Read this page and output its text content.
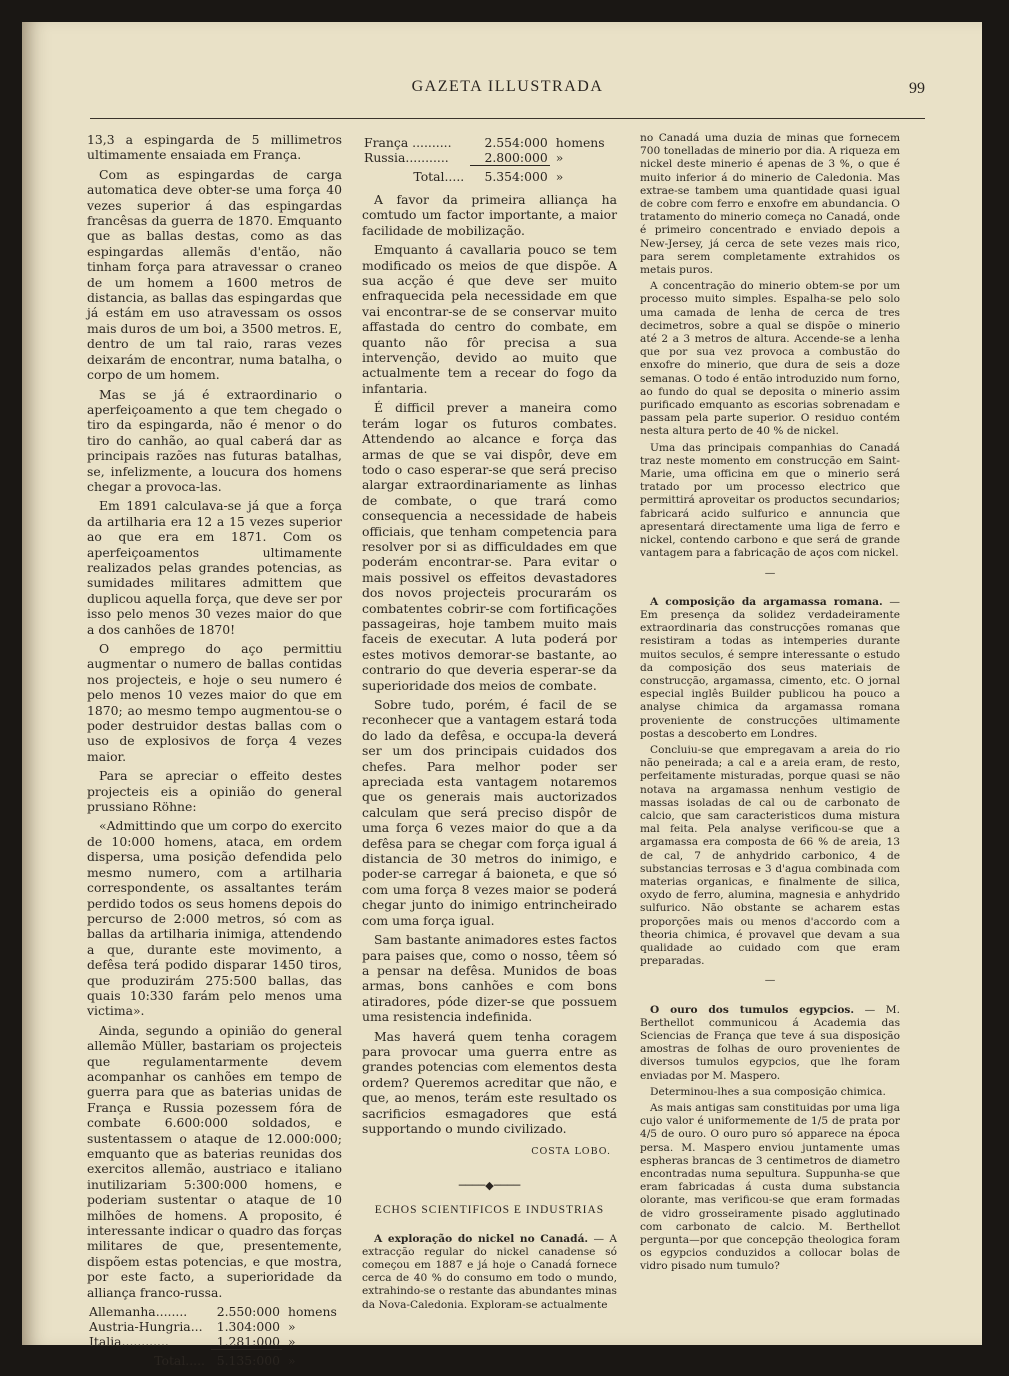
GAZETA ILLUSTRADA	99

13,3 a espingarda de 5 millimetros ultimamente ensaiada em França.

Com as espingardas de carga automatica deve obter-se uma força 40 vezes superior á das espingardas francêsas da guerra de 1870. Emquanto que as ballas destas, como as das espingardas allemãs d'então, não tinham força para atravessar o craneo de um homem a 1600 metros de distancia, as ballas das espingardas que já estám em uso atravessam os ossos mais duros de um boi, a 3500 metros. E, dentro de um tal raio, raras vezes deixarám de encontrar, numa batalha, o corpo de um homem.

Mas se já é extraordinario o aperfeiçoamento a que tem chegado o tiro da espingarda, não é menor o do tiro do canhão, ao qual caberá dar as principais razões nas futuras batalhas, se, infelizmente, a loucura dos homens chegar a provoca-las.

Em 1891 calculava-se já que a força da artilharia era 12 a 15 vezes superior ao que era em 1871. Com os aperfeiçoamentos ultimamente realizados pelas grandes potencias, as sumidades militares admittem que duplicou aquella força, que deve ser por isso pelo menos 30 vezes maior do que a dos canhões de 1870!

O emprego do aço permittiu augmentar o numero de ballas contidas nos projecteis, e hoje o seu numero é pelo menos 10 vezes maior do que em 1870; ao mesmo tempo augmentou-se o poder destruidor destas ballas com o uso de explosivos de força 4 vezes maior.

Para se apreciar o effeito destes projecteis eis a opinião do general prussiano Röhne:

«Admittindo que um corpo do exercito de 10:000 homens, ataca, em ordem dispersa, uma posição defendida pelo mesmo numero, com a artilharia correspondente, os assaltantes terám perdido todos os seus homens depois do percurso de 2:000 metros, só com as ballas da artilharia inimiga, attendendo a que, durante este movimento, a defêsa terá podido disparar 1450 tiros, que produzirám 275:500 ballas, das quais 10:330 farám pelo menos uma victima».

Ainda, segundo a opinião do general allemão Müller, bastariam os projecteis que regulamentarmente devem acompanhar os canhões em tempo de guerra para que as baterias unidas de França e Russia pozessem fóra de combate 6.600:000 soldados, e sustentassem o ataque de 12.000:000; emquanto que as baterias reunidas dos exercitos allemão, austriaco e italiano inutilizariam 5:300:000 homens, e poderiam sustentar o ataque de 10 milhões de homens. A proposito, é interessante indicar o quadro das forças militares de que, presentemente, dispõem estas potencias, e que mostra, por este facto, a superioridade da alliança franco-russa.

Allemanha........	2.550:000	homens
Austria-Hungria...	1.304:000	»
Italia............	1.281:000	»
Total.....	5.135:000	»
França ..........	2.554:000	homens
Russia...........	2.800:000	»
Total.....	5.354:000	»

A favor da primeira alliança ha comtudo um factor importante, a maior facilidade de mobilização.

Emquanto á cavallaria pouco se tem modificado os meios de que dispõe. A sua acção é que deve ser muito enfraquecida pela necessidade em que vai encontrar-se de se conservar muito affastada do centro do combate, em quanto não fôr precisa a sua intervenção, devido ao muito que actualmente tem a recear do fogo da infantaria.

É difficil prever a maneira como terám logar os futuros combates. Attendendo ao alcance e força das armas de que se vai dispôr, deve em todo o caso esperar-se que será preciso alargar extraordinariamente as linhas de combate, o que trará como consequencia a necessidade de habeis officiais, que tenham competencia para resolver por si as difficuldades em que poderám encontrar-se. Para evitar o mais possivel os effeitos devastadores dos novos projecteis procurarám os combatentes cobrir-se com fortificações passageiras, hoje tambem muito mais faceis de executar. A luta poderá por estes motivos demorar-se bastante, ao contrario do que deveria esperar-se da superioridade dos meios de combate.

Sobre tudo, porém, é facil de se reconhecer que a vantagem estará toda do lado da defêsa, e occupa-la deverá ser um dos principais cuidados dos chefes. Para melhor poder ser apreciada esta vantagem notaremos que os generais mais auctorizados calculam que será preciso dispôr de uma força 6 vezes maior do que a da defêsa para se chegar com força igual á distancia de 30 metros do inimigo, e poder-se carregar á baioneta, e que só com uma força 8 vezes maior se poderá chegar junto do inimigo entrincheirado com uma força igual.

Sam bastante animadores estes factos para paises que, como o nosso, têem só a pensar na defêsa. Munidos de boas armas, bons canhões e com bons atiradores, póde dizer-se que possuem uma resistencia indefinida.

Mas haverá quem tenha coragem para provocar uma guerra entre as grandes potencias com elementos desta ordem? Queremos acreditar que não, e que, ao menos, terám este resultado os sacrificios esmagadores que está supportando o mundo civilizado.

COSTA LOBO.
────◆────
ECHOS SCIENTIFICOS E INDUSTRIAS

A exploração do nickel no Canadá. — A extracção regular do nickel canadense só começou em 1887 e já hoje o Canadá fornece cerca de 40 % do consumo em todo o mundo, extrahindo-se o restante das abundantes minas da Nova-Caledonia. Exploram-se actualmente

no Canadá uma duzia de minas que fornecem 700 tonelladas de minerio por dia. A riqueza em nickel deste minerio é apenas de 3 %, o que é muito inferior á do minerio de Caledonia. Mas extrae-se tambem uma quantidade quasi igual de cobre com ferro e enxofre em abundancia. O tratamento do minerio começa no Canadá, onde é primeiro concentrado e enviado depois a New-Jersey, já cerca de sete vezes mais rico, para serem completamente extrahidos os metais puros.

A concentração do minerio obtem-se por um processo muito simples. Espalha-se pelo solo uma camada de lenha de cerca de tres decimetros, sobre a qual se dispõe o minerio até 2 a 3 metros de altura. Accende-se a lenha que por sua vez provoca a combustão do enxofre do minerio, que dura de seis a doze semanas. O todo é então introduzido num forno, ao fundo do qual se deposita o minerio assim purificado emquanto as escorias sobrenadam e passam pela parte superior. O residuo contém nesta altura perto de 40 % de nickel.

Uma das principais companhias do Canadá traz neste momento em construcção em Saint-Marie, uma officina em que o minerio será tratado por um processo electrico que permittirá aproveitar os productos secundarios; fabricará acido sulfurico e annuncia que apresentará directamente uma liga de ferro e nickel, contendo carbono e que será de grande vantagem para a fabricação de aços com nickel.

—

A composição da argamassa romana. — Em presença da solidez verdadeiramente extraordinaria das construcções romanas que resistiram a todas as intemperies durante muitos seculos, é sempre interessante o estudo da composição dos seus materiais de construcção, argamassa, cimento, etc. O jornal especial inglês Builder publicou ha pouco a analyse chimica da argamassa romana proveniente de construcções ultimamente postas a descoberto em Londres.

Concluiu-se que empregavam a areia do rio não peneirada; a cal e a areia eram, de resto, perfeitamente misturadas, porque quasi se não notava na argamassa nenhum vestigio de massas isoladas de cal ou de carbonato de calcio, que sam caracteristicos duma mistura mal feita. Pela analyse verificou-se que a argamassa era composta de 66 % de areia, 13 de cal, 7 de anhydrido carbonico, 4 de substancias terrosas e 3 d'agua combinada com materias organicas, e finalmente de silica, oxydo de ferro, alumina, magnesia e anhydrido sulfurico. Não obstante se acharem estas proporções mais ou menos d'accordo com a theoria chimica, é provavel que devam a sua qualidade ao cuidado com que eram preparadas.

—

O ouro dos tumulos egypcios. — M. Berthellot communicou á Academia das Sciencias de França que teve á sua disposição amostras de folhas de ouro provenientes de diversos tumulos egypcios, que lhe foram enviadas por M. Maspero.

Determinou-lhes a sua composição chimica.

As mais antigas sam constituidas por uma liga cujo valor é uniformemente de 1/5 de prata por 4/5 de ouro. O ouro puro só apparece na época persa. M. Maspero enviou juntamente umas espheras brancas de 3 centimetros de diametro encontradas numa sepultura. Suppunha-se que eram fabricadas á custa duma substancia olorante, mas verificou-se que eram formadas de vidro grosseiramente pisado agglutinado com carbonato de calcio. M. Berthellot pergunta—por que concepção theologica foram os egypcios conduzidos a collocar bolas de vidro pisado num tumulo?
